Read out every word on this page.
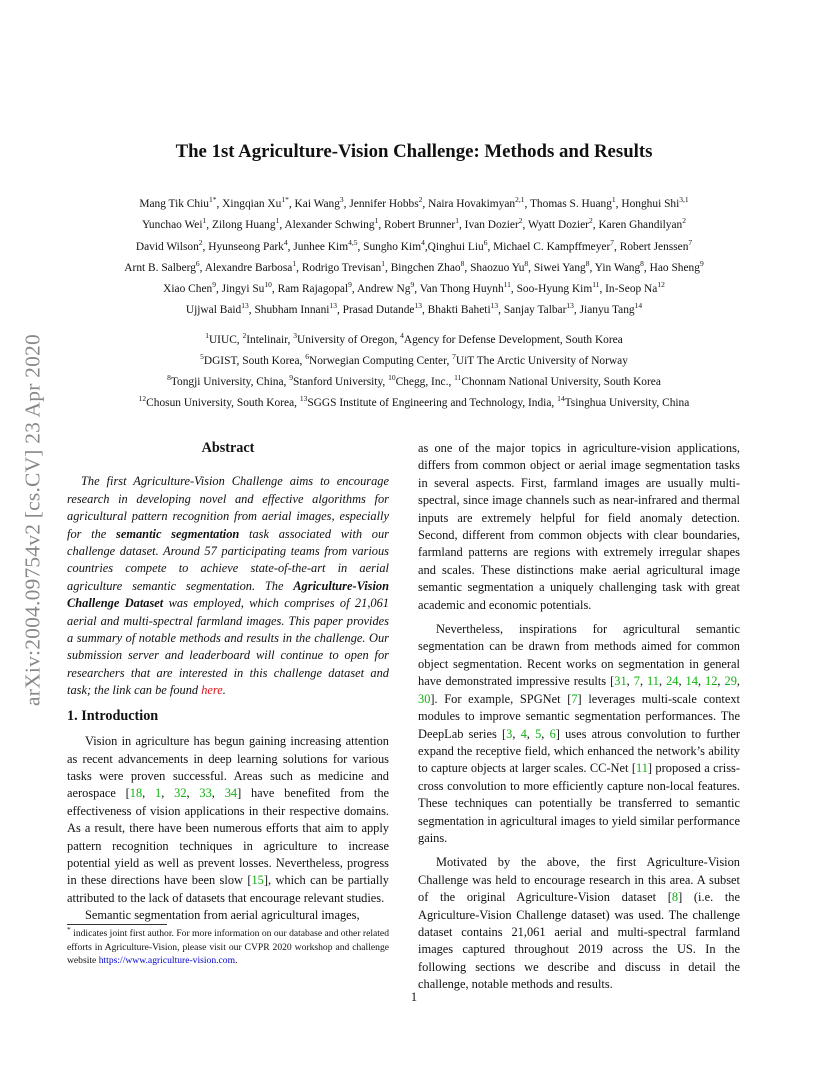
arXiv:2004.09754v2 [cs.CV] 23 Apr 2020
The 1st Agriculture-Vision Challenge: Methods and Results
Mang Tik Chiu$^{1*}$, Xingqian $Xu^{1*}$, Kai Wang$^3$, Jennifer Hobbs$^2$, Naira Hovakimyan$^{2,1}$, Thomas S. Huang$^1$, Honghui Shi$^{3,1}$
Yunchao Wei$^1$, Zilong Huang$^1$, Alexander Schwing$^1$, Robert Brunner$^1$, Ivan Dozier$^2$, Wyatt Dozier$^2$, Karen Ghandilyan$^2$
David Wilson$^2$, Hyunseong Park$^4$, Junhee Kim$^{4,5}$, Sungho Kim$^4$,Qinghui Liu$^6$, Michael C. Kampffmeyer$^7$, Robert Jenssen$^7$
Arnt B. Salberg$^6$, Alexandre Barbosa$^1$, Rodrigo Trevisan$^1$, Bingchen Zhao$^8$, Shaozuo Yu$^8$, Siwei Yang$^8$, Yin Wang$^8$, Hao Sheng$^9$
Xiao Chen$^9$, Jingyi Su$^{10}$, Ram Rajagopal$^9$, Andrew Ng$^9$, Van Thong Huynh$^{11}$, Soo-Hyung Kim$^{11}$, In-Seop Na$^{12}$
Ujjwal Baid$^{13}$, Shubham Innani$^{13}$, Prasad Dutande$^{13}$, Bhakti Baheti$^{13}$, Sanjay Talbar$^{13}$, Jianyu Tang$^{14}$
$^1$UIUC, $^2$Intelinair, $^3$University of Oregon, $^4$Agency for Defense Development, South Korea
$^5$DGIST, South Korea, $^6$Norwegian Computing Center, $^7$UiT The Arctic University of Norway
$^8$Tongji University, China, $^9$Stanford University, $^{10}$Chegg, Inc., $^{11}$Chonnam National University, South Korea
$^{12}$Chosun University, South Korea, $^{13}$SGGS Institute of Engineering and Technology, India, $^{14}$Tsinghua University, China
Abstract

The first Agriculture-Vision Challenge aims to encourage research in developing novel and effective algorithms for agricultural pattern recognition from aerial images, especially for the semantic segmentation task associated with our challenge dataset. Around 57 participating teams from various countries compete to achieve state-of-the-art in aerial agriculture semantic segmentation. The Agriculture-Vision Challenge Dataset was employed, which comprises of 21,061 aerial and multi-spectral farmland images. This paper provides a summary of notable methods and results in the challenge. Our submission server and leaderboard will continue to open for researchers that are interested in this challenge dataset and task; the link can be found here.

1. Introduction

Vision in agriculture has begun gaining increasing attention as recent advancements in deep learning solutions for various tasks were proven successful. Areas such as medicine and aerospace [18, 1, 32, 33, 34] have benefited from the effectiveness of vision applications in their respective domains. As a result, there have been numerous efforts that aim to apply pattern recognition techniques in agriculture to increase potential yield as well as prevent losses. Nevertheless, progress in these directions have been slow [15], which can be partially attributed to the lack of datasets that encourage relevant studies.

Semantic segmentation from aerial agricultural images,

as one of the major topics in agriculture-vision applications, differs from common object or aerial image segmentation tasks in several aspects. First, farmland images are usually multi-spectral, since image channels such as near-infrared and thermal inputs are extremely helpful for field anomaly detection. Second, different from common objects with clear boundaries, farmland patterns are regions with extremely irregular shapes and scales. These distinctions make aerial agricultural image semantic segmentation a uniquely challenging task with great academic and economic potentials.

Nevertheless, inspirations for agricultural semantic segmentation can be drawn from methods aimed for common object segmentation. Recent works on segmentation in general have demonstrated impressive results [31, 7, 11, 24, 14, 12, 29, 30]. For example, SPGNet [7] leverages multi-scale context modules to improve semantic segmentation performances. The DeepLab series [3, 4, 5, 6] uses atrous convolution to further expand the receptive field, which enhanced the network’s ability to capture objects at larger scales. CC-Net [11] proposed a criss-cross convolution to more efficiently capture non-local features. These techniques can potentially be transferred to semantic segmentation in agricultural images to yield similar performance gains.

Motivated by the above, the first Agriculture-Vision Challenge was held to encourage research in this area. A subset of the original Agriculture-Vision dataset [8] (i.e. the Agriculture-Vision Challenge dataset) was used. The challenge dataset contains 21,061 aerial and multi-spectral farmland images captured throughout 2019 across the US. In the following sections we describe and discuss in detail the challenge, notable methods and results.

* indicates joint first author. For more information on our database and other related efforts in Agriculture-Vision, please visit our CVPR 2020 workshop and challenge website https://www.agriculture-vision.com.
1
